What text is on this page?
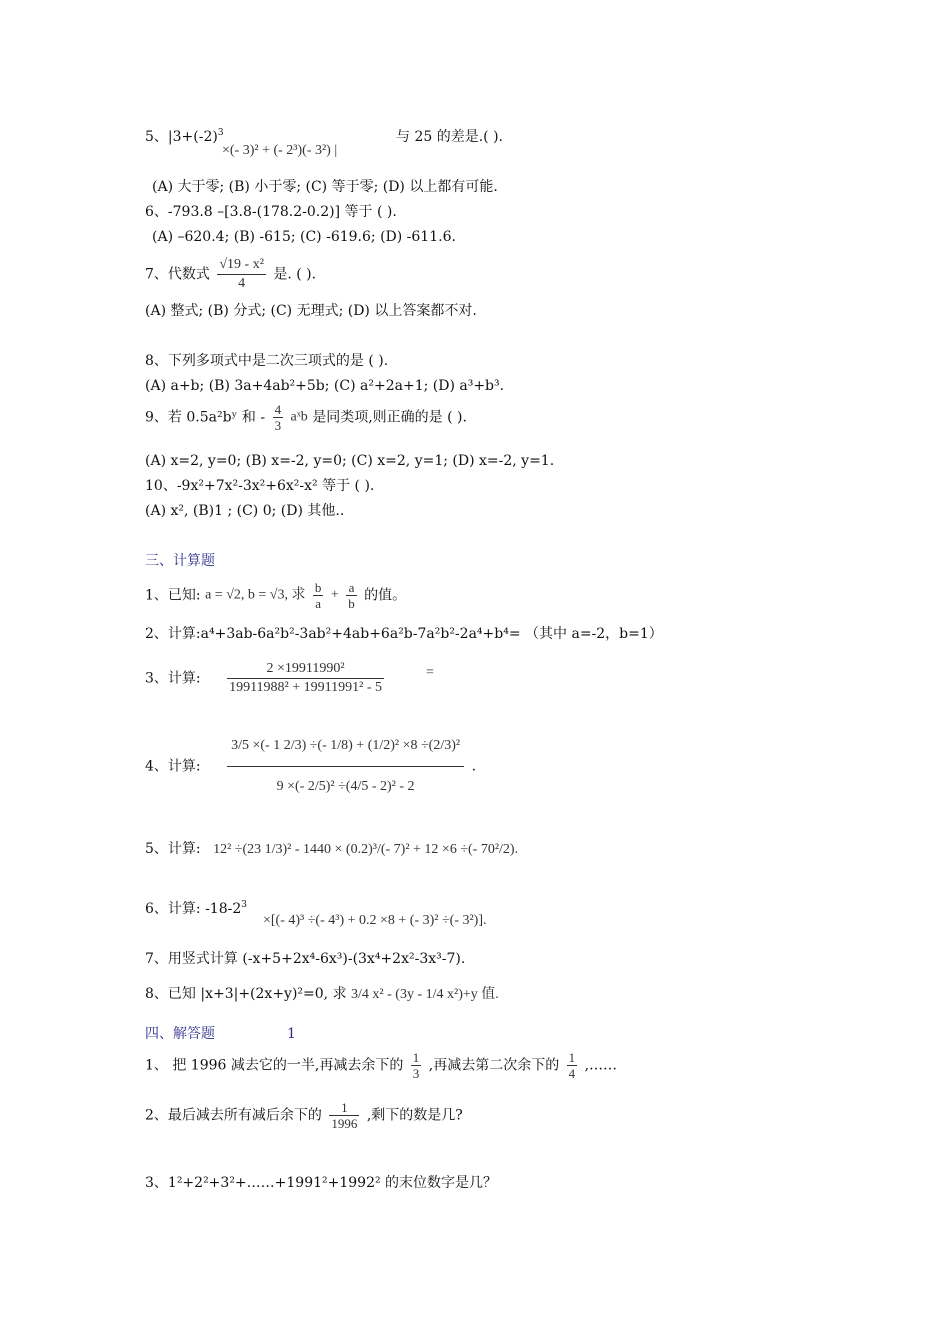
5、$|3+(-2)^3$
×(- 3)² + (- 2³)(- 3²) |
与 25 的差是.( ).
(A) 大于零; (B) 小于零; (C) 等于零; (D) 以上都有可能.
6、-793.8 –[3.8-(178.2-0.2)] 等于 ( ).
(A) –620.4; (B) -615; (C) -619.6; (D) -611.6.
7、代数式 $\frac{\text{√19 - x²}}{4}$ 是. ( ).
(A) 整式; (B) 分式; (C) 无理式; (D) 以上答案都不对.
8、下列多项式中是二次三项式的是 ( ).
(A) a+b; (B) 3a+4ab²+5b; (C) a²+2a+1; (D) a³+b³.
9、若 0.5a²bʸ 和 - $\frac{4}{3}$ aˣb 是同类项,则正确的是 ( ).
(A) x=2, y=0; (B) x=-2, y=0; (C) x=2, y=1; (D) x=-2, y=1.
10、-9x²+7x²-3x²+6x²-x² 等于 ( ).
(A) x², (B)1 ; (C) 0; (D) 其他..
三、计算题
1、已知: a = √2, b = √3, 求 $\frac{b}{a} + \frac{a}{b}$ 的值。
2、计算:a⁴+3ab-6a²b²-3ab²+4ab+6a²b-7a²b²-2a⁴+b⁴= （其中 a=-2，b=1）
3、计算: $\frac{\text{2 ×19911990²}}{\text{19911988² + 19911991² - 5}}$	=
4、计算: $\frac{\text{3/5 ×(- 1 2/3) ÷(- 1/8) + (1/2)² ×8 ÷(2/3)²}}{\text{9 ×(- 2/5)² ÷(4/5 - 2)² - 2}}$ .
5、计算: 12² ÷(23 1/3)² - 1440 × (0.2)³/(- 7)² + 12 ×6 ÷(- 70²/2).
6、计算: $-18-2^3$
×[(- 4)³ ÷(- 4³) + 0.2 ×8 + (- 3)² ÷(- 3²)].
7、用竖式计算 (-x+5+2x⁴-6x³)-(3x⁴+2x²-3x³-7).
8、已知 |x+3|+(2x+y)²=0, 求 3/4 x² - (3y - 1/4 x²)+y 值.
四、解答题	1
1、 把 1996 减去它的一半,再减去余下的 $\frac{1}{3}$ ,再减去第二次余下的 $\frac{1}{4}$ ,……
2、最后减去所有减后余下的 $\frac{1}{1996}$ ,剩下的数是几?
3、1²+2²+3²+……+1991²+1992² 的末位数字是几？
